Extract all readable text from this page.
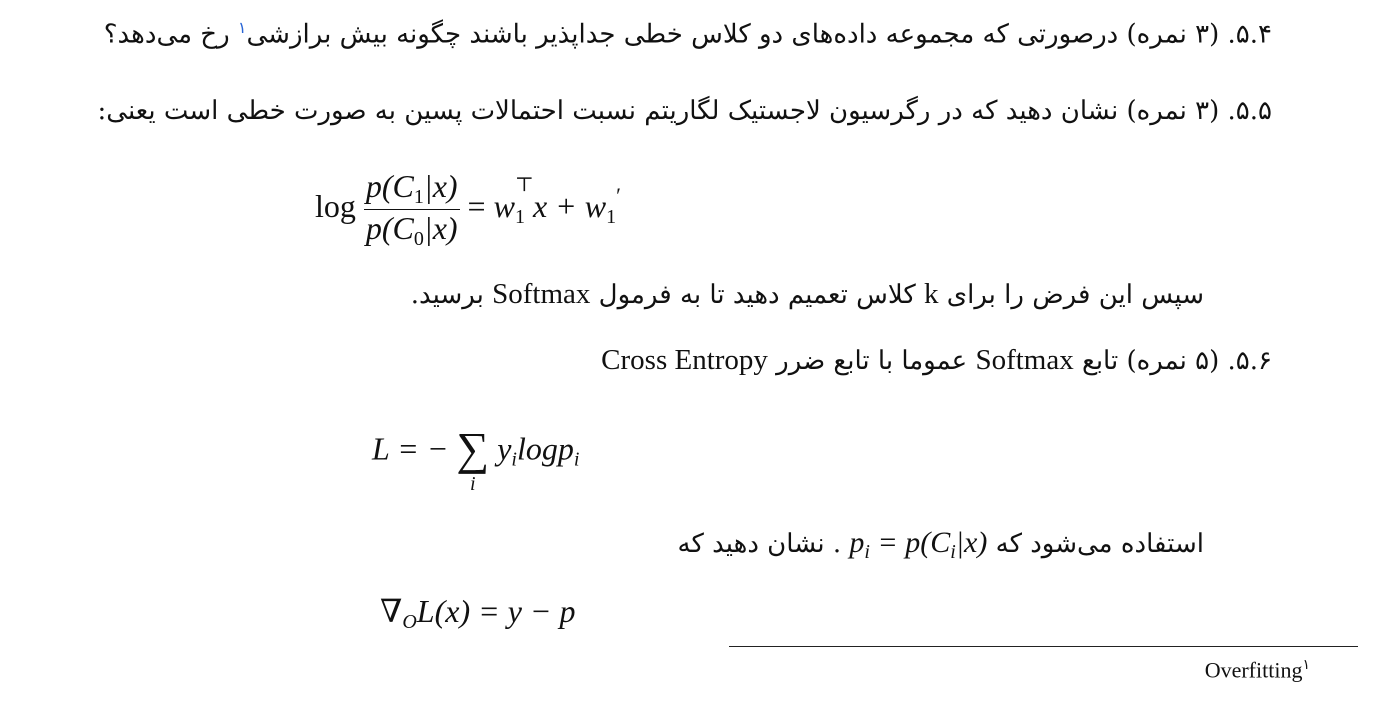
۵.۴. (۳ نمره) درصورتی که مجموعه داده‌های دو کلاس خطی جداپذیر باشند چگونه بیش برازشی$^۱$ رخ می‌دهد؟
۵.۵. (۳ نمره) نشان دهید که در رگرسیون لاجستیک لگاریتم نسبت احتمالات پسین به صورت خطی است یعنی:
$\log \frac{p(C_1|x)}{p(C_0|x)} = w$
⊤
$_1$ $x + w_1'$
سپس این فرض را برای k کلاس تعمیم دهید تا به فرمول Softmax برسید.
۵.۶. (۵ نمره) تابع Softmax عموما با تابع ضرر Cross Entropy
L = − ∑
i
yilogpi
استفاده می‌شود که $p_i = p(C_i|x)$ . نشان دهید که
∇OL(x) = y − p
Overfitting$^۱$
